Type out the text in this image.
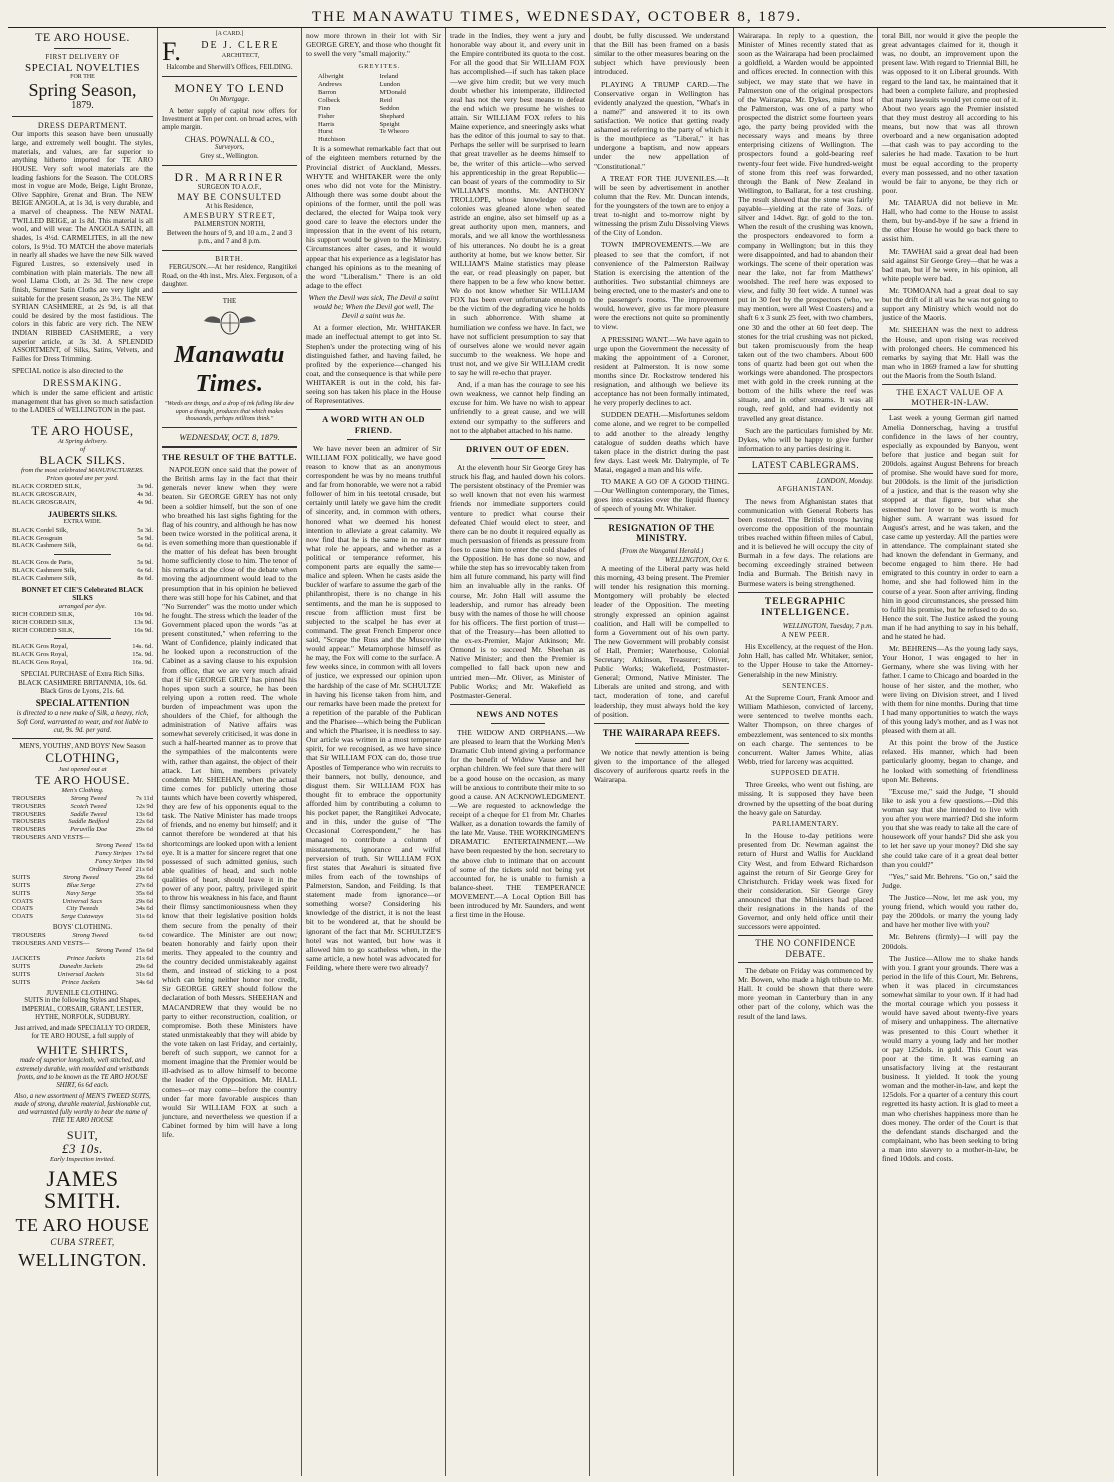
THE MANAWATU TIMES, WEDNESDAY, OCTOBER 8, 1879.
TE ARO HOUSE.
FIRST DELIVERY OF
SPECIAL NOVELTIES
FOR THE
Spring Season,
1879.
DRESS DEPARTMENT.

Our imports this season have been unusually large, and extremely well bought. The styles, materials, and values, are far superior to anything hitherto imported for TE ARO HOUSE. Very soft wool materials are the leading fashions for the Season. The COLORS most in vogue are Mode, Beige, Light Bronze, Olive Sapphire, Grenat and Bran. The NEW BEIGE ANGOLA, at 1s 3d, is very durable, and a marvel of cheapness. The NEW NATAL TWILLED BEIGE, at 1s 8d. This material is all wool, and will wear. The ANGOLA SATIN, all shades, 1s 4½d. CARMELITES, in all the new colors, 1s 9½d. TO MATCH the above materials in nearly all shades we have the new Silk waved Figured Lustres, so extensively used in combination with plain materials. The new all wool Llama Cloth, at 2s 3d. The new crepe finish, Summer Satin Cloths are very light and suitable for the present season, 2s 3½. The NEW SYRIAN CASHMERE, at 2s 9d, is all that could be desired by the most fastidious. The colors in this fabric are very rich. The NEW INDIAN RIBBED CASHMERE, a very superior article, at 3s 3d. A SPLENDID ASSORTMENT, of Silks, Satins, Velvets, and Failles for Dress Trimming.

SPECIAL notice is also directed to the

DRESSMAKING.

which is under the same efficient and artistic management that has given so much satisfaction to the LADIES of WELLINGTON in the past.

TE ARO HOUSE,
At Spring delivery.
of
BLACK SILKS.
from the most celebrated MANUFACTURERS. Prices quoted are per yard.
BLACK CORDED SILK,	3s 9d.
BLACK GROSGRAIN,	4s 3d.
BLACK GROSGRAIN,	4s 9d.
JAUBERTS SILKS.
EXTRA WIDE.
BLACK Cordel Silk,	5s 3d.
BLACK Grosgrain	5s 9d.
BLACK Cashmere Silk,	6s 6d.
BLACK Gros de Paris,	5s 9d.
BLACK Cashmere Silk,	6s 6d.
BLACK Cashmere Silk,	8s 6d.
BONNET ET CIE'S Celebrated BLACK SILKS
arranged per dye.
RICH CORDED SILK,	10s 9d.
RICH CORDED SILK,	13s 9d.
RICH CORDED SILK,	16s 9d.
BLACK Gros Royal,	14s. 6d.
BLACK Gros Royal,	15s. 9d.
BLACK Gros Royal,	16s. 9d.

SPECIAL PURCHASE of Extra Rich Silks. BLACK CASHMERE BRITANNIA, 10s. 6d. Black Gros de Lyons, 21s. 6d.

SPECIAL ATTENTION

is directed to a new make of Silk, a heavy, rich, Soft Cord, warranted to wear, and not liable to cut, 9s. 9d. per yard.

MEN'S, YOUTHS', AND BOYS' New Season
CLOTHING,
Just opened out at
TE ARO HOUSE.
Men's Clothing.
TROUSERS	Strong Tweed	7s 11d
TROUSERS	Scotch Tweed	12s 9d
TROUSERS	Saddle Tweed	13s 6d
TROUSERS	Saddle Bedford	22s 6d
TROUSERS	Peruvilla Doe	29s 6d
TROUSERS AND VESTS—
Strong Tweed 15s 6d
Fancy Stripes 17s 6d
Fancy Stripes 18s 9d
Ordinary Tweed 21s 6d
SUITS	Strong Tweed	29s 6d
SUITS	Blue Serge	27s 6d
SUITS	Navy Serge	35s 6d
COATS	Universal Sacs	29s 6d
COATS	City Tweeds	34s 6d
COATS	Serge Cutaways	31s 6d
BOYS' CLOTHING.
TROUSERS	Strong Tweed	6s 6d
TROUSERS AND VESTS—
Strong Tweed 15s 6d
JACKETS	Prince Jackets	21s 6d
SUITS	Dunedin Jackets	29s 6d
SUITS	Universal Jackets	31s 6d
SUITS	Prince Jackets	34s 6d
JUVENILE CLOTHING.

SUITS in the following Styles and Shapes, IMPERIAL, CORSAIR, GRANT, LESTER, HYTHE, NORFOLK, SUDBURY.

Just arrived, and made SPECIALLY TO ORDER, for TE ARO HOUSE, a full supply of

WHITE SHIRTS,

made of superior longcloth, well stitched, and extremely durable, with moulded and wristbands fronts, and to be known as the TE ARO HOUSE SHIRT, 6s 6d each.

Also, a new assortment of MEN'S TWEED SUITS, made of strong, durable material, fashionable cut, and warranted fully worthy to bear the name of THE TE ARO HOUSE

SUIT,
£3 10s.
Early Inspection invited.
JAMES SMITH.
TE ARO HOUSE
CUBA STREET,
WELLINGTON.
[A CARD.]
F.	DE J. CLERE
ARCHITECT,
Halcombe and Sherwill's Offices, FEILDING.
MONEY TO LEND
On Mortgage.

A better supply of capital now offers for Investment at Ten per cent. on broad acres, with ample margin.

CHAS. POWNALL & CO.,
Surveyors,
Grey st., Wellington.
DR. MARRINER
SURGEON TO A.O.F.,
MAY BE CONSULTED
At his Residence,
AMESBURY STREET,
PALMERSTON NORTH,

Between the hours of 9, and 10 a.m., 2 and 3 p.m., and 7 and 8 p.m.

BIRTH.

FERGUSON.—At her residence, Rangitikei Road, on the 4th inst., Mrs. Alex. Ferguson, of a daughter.

THE
Manawatu Times.
"Words are things, and a drop of ink falling like dew upon a thought, produces that which makes thousands, perhaps millions think."
WEDNESDAY, OCT. 8, 1879.
THE RESULT OF THE BATTLE.

NAPOLEON once said that the power of the British arms lay in the fact that their generals never knew when they were beaten. Sir GEORGE GREY has not only been a soldier himself, but the son of one who breathed his last sighs fighting for the flag of his country, and although he has now been twice worsted in the political arena, it is even something more than questionable if the matter of his defeat has been brought home sufficiently close to him. The tenor of his remarks at the close of the debate when moving the adjournment would lead to the presumption that in his opinion he believed there was still hope for his Cabinet, and that "No Surrender" was the motto under which he fought. The stress which the leader of the Government placed upon the words "as at present constituted," when referring to the Want of Confidence, plainly indicated that he looked upon a reconstruction of the Cabinet as a saving clause to his expulsion from office, that we are very much afraid that if Sir GEORGE GREY has pinned his hopes upon such a source, he has been relying upon a rotten reed. The whole burden of impeachment was upon the shoulders of the Chief, for although the administration of Native affairs was somewhat severely criticised, it was done in such a half-hearted manner as to prove that the sympathies of the malcontents were with, rather than against, the object of their attack. Let him, members privately condemn Mr. SHEEHAN, when the actual time comes for publicly uttering those taunts which have been covertly whispered, they are few of his opponents equal to the task. The Native Minister has made troops of friends, and no enemy but himself; and it cannot therefore be wondered at that his shortcomings are looked upon with a lenient eye. It is a matter for sincere regret that one possessed of such admitted genius, such able qualities of head, and such noble qualities of heart, should leave it in the power of any poor, paltry, privileged spirit to throw his weakness in his face, and flaunt their flimsy sanctimoniousness when they know that their legislative position holds them secure from the penalty of their cowardice. The Minister are out now; beaten honorably and fairly upon their merits. They appealed to the country and the country decided unmistakeably against them, and instead of sticking to a post which can bring neither honor nor credit, Sir GEORGE GREY should follow the declaration of both Messrs. SHEEHAN and MACANDREW that they would be no party to either reconstruction, coalition, or compromise. Both these Ministers have stated unmistakeably that they will abide by the vote taken on last Friday, and certainly, bereft of such support, we cannot for a moment imagine that the Premier would be ill-advised as to allow himself to become the leader of the Opposition. Mr. HALL comes—or may come—before the country under far more favorable auspices than would Sir WILLIAM FOX at such a juncture, and nevertheless we question if a Cabinet formed by him will have a long life.

now more thrown in their lot with Sir GEORGE GREY, and those who thought fit to swell the very "small majority."

GREYITES.
Allwright	Ireland
Andrews	Lundon
Barron	M'Donald
Colbeck	Reid
Finn	Seddon
Fisher	Shephard
Harris	Speight
Hurst	Te Wheoro
Hutchison

It is a somewhat remarkable fact that out of the eighteen members returned by the Provincial district of Auckland, Messrs. WHYTE and WHITAKER were the only ones who did not vote for the Ministry. Although there was some doubt about the opinions of the former, until the poll was declared, the elected for Waipa took very good care to leave the electors under the impression that in the event of his return, his support would be given to the Ministry. Circumstances alter cases, and it would appear that his experience as a legislator has changed his opinions as to the meaning of the word "Liberalism." There is an old adage to the effect

When the Devil was sick, The Devil a saint would be; When the Devil got well, The Devil a saint was he.

At a former election, Mr. WHITAKER made an ineffectual attempt to get into St. Stephen's under the protecting wing of his distinguished father, and having failed, he profited by the experience—changed his coat, and the consequence is that while pere WHITAKER is out in the cold, his far-seeing son has taken his place in the House of Representatives.

A WORD WITH AN OLD FRIEND.

We have never been an admirer of Sir WILLIAM FOX politically, we have good reason to know that as an anonymous correspondent he was by no means truthful and far from honorable, we were not a rabid follower of him in his teetotal crusade, but certainly until lately we gave him the credit of sincerity, and, in common with others, honored what we deemed his honest intention to alleviate a great calamity. We now find that he is the same in no matter what role he appears, and whether as a political or temperance reformer, his component parts are equally the same—malice and spleen. When he casts aside the buckler of warfare to assume the garb of the philanthropist, there is no change in his sentiments, and the man he is supposed to rescue from affliction must first be subjected to the scalpel he has ever at command. The great French Emperor once said, "Scrape the Russ and the Muscovite would appear." Metamorphose himself as he may, the Fox will come to the surface. A few weeks since, in common with all lovers of justice, we expressed our opinion upon the hardship of the case of Mr. SCHULTZE in having his license taken from him, and our remarks have been made the pretext for a repetition of the parable of the Publican and the Pharisee—which being the Publican and which the Pharisee, it is needless to say. Our article was written in a most temperate spirit, for we recognised, as we have since that Sir WILLIAM FOX can do, those true Apostles of Temperance who win recruits to their banners, not bully, denounce, and disgust them. Sir WILLIAM FOX has thought fit to embrace the opportunity afforded him by contributing a column to his pocket paper, the Rangitikei Advocate, and in this, under the guise of "The Occasional Correspondent," he has managed to contribute a column of misstatements, ignorance and wilful perversion of truth. Sir WILLIAM FOX first states that Awahuri is situated five miles from each of the townships of Palmerston, Sandon, and Feilding. Is that statement made from ignorance—or something worse? Considering his knowledge of the district, it is not the least bit to be wondered at, that he should be ignorant of the fact that Mr. SCHULTZE'S hotel was not wanted, but how was it allowed him to go scatheless when, in the same article, a new hotel was advocated for Feilding, where there were two already?

trade in the Indies, they went a jury and honorable way about it, and every unit in the Empire contributed its quota to the cost. For all the good that Sir WILLIAM FOX has accomplished—if such has taken place—we give him credit; but we very much doubt whether his intemperate, illdirected zeal has not the very best means to defeat the end which we presume he wishes to attain. Sir WILLIAM FOX refers to his Maine experience, and sneeringly asks what has the editor of this journal to say to that. Perhaps the seller will be surprised to learn that great traveller as he deems himself to be, the writer of this article—who served his apprenticeship in the great Republic—can boast of years of the commodity to Sir WILLIAM'S months. Mr. ANTHONY TROLLOPE, whose knowledge of the colonies was gleaned alone when seated astride an engine, also set himself up as a great authority upon men, manners, and morals, and we all know the worthlessness of his utterances. No doubt he is a great authority at home, but we know better. Sir WILLIAM'S Maine statistics may please the ear, or read pleasingly on paper, but there happen to be a few who know better. We do not know whether Sir WILLIAM FOX has been ever unfortunate enough to be the victim of the degrading vice he holds in such abhorrence. With shame at humiliation we confess we have. In fact, we have not sufficient presumption to say that of ourselves alone we would never again succumb to the weakness. We hope and trust not, and we give Sir WILLIAM credit to say he will re-echo that prayer.

And, if a man has the courage to see his own weakness, we cannot help finding an excuse for him. We have no wish to appear unfriendly to a great cause, and we will extend our sympathy to the sufferers and not to the alphabet attached to his name.

DRIVEN OUT OF EDEN.

At the eleventh hour Sir George Grey has struck his flag, and hauled down his colors. The persistent obstinacy of the Premier was so well known that not even his warmest friends nor immediate supporters could venture to predict what course their defeated Chief would elect to steer, and there can be no doubt it required equally as much persuasion of friends as pressure from foes to cause him to enter the cold shades of the Opposition. He has done so now, and while the step has so irrevocably taken from him all future command, his party will find him an invaluable ally in the ranks. Of course, Mr. John Hall will assume the leadership, and rumor has already been busy with the names of those he will choose for his officers. The first portion of trust—that of the Treasury—has been allotted to the ex-ex-Premier, Major Atkinson; Mr. Ormond is to succeed Mr. Sheehan as Native Minister; and then the Premier is compelled to fall back upon new and untried men—Mr. Oliver, as Minister of Public Works; and Mr. Wakefield as Postmaster-General.

NEWS AND NOTES

THE WIDOW AND ORPHANS.—We are pleased to learn that the Working Men's Dramatic Club intend giving a performance for the benefit of Widow Vause and her orphan children. We feel sure that there will be a good house on the occasion, as many will be anxious to contribute their mite to so good a cause. AN ACKNOWLEDGMENT.—We are requested to acknowledge the receipt of a cheque for £1 from Mr. Charles Walker, as a donation towards the family of the late Mr. Vause. THE WORKINGMEN'S DRAMATIC ENTERTAINMENT.—We have been requested by the hon. secretary to the above club to intimate that on account of some of the tickets sold not being yet accounted for, he is unable to furnish a balance-sheet. THE TEMPERANCE MOVEMENT.—A Local Option Bill has been introduced by Mr. Saunders, and went a first time in the House.

doubt, be fully discussed. We understand that the Bill has been framed on a basis similar to the other measures bearing on the subject which have previously been introduced.

PLAYING A TRUMP CARD.—The Conservative organ in Wellington has evidently analyzed the question, "What's in a name?" and answered it to its own satisfaction. We notice that getting ready ashamed as referring to the party of which it is the mouthpiece as "Liberal," it has undergone a baptism, and now appears under the new appellation of "Constitutional."

A TREAT FOR THE JUVENILES.—It will be seen by advertisement in another column that the Rev. Mr. Duncan intends, for the youngsters of the town are to enjoy a treat to-night and to-morrow night by witnessing the prism Zulu Dissolving Views of the City of London.

TOWN IMPROVEMENTS.—We are pleased to see that the comfort, if not convenience of the Palmerston Railway Station is exercising the attention of the authorities. Two substantial chimneys are being erected, one to the master's and one to the passenger's rooms. The improvement would, however, give us far more pleasure were the erections not quite so prominently to view.

A PRESSING WANT.—We have again to urge upon the Government the necessity of making the appointment of a Coroner, resident at Palmerston. It is now some months since Dr. Rockstrow tendered his resignation, and although we believe its acceptance has not been formally intimated, he very properly declines to act.

SUDDEN DEATH.—Misfortunes seldom come alone, and we regret to be compelled to add another to the already lengthy catalogue of sudden deaths which have taken place in the district during the past few days. Last week Mr. Dalrymple, of Te Matai, engaged a man and his wife.

TO MAKE A GO OF A GOOD THING.—Our Wellington contemporary, the Times, goes into ecstasies over the liquid fluency of speech of young Mr. Whitaker.

RESIGNATION OF THE MINISTRY.
(From the Wanganui Herald.)
WELLINGTON, Oct 6.

A meeting of the Liberal party was held this morning, 43 being present. The Premier will tender his resignation this morning. Montgomery will probably be elected leader of the Opposition. The meeting strongly expressed an opinion against coalition, and Hall will be compelled to form a Government out of his own party. The new Government will probably consist of Hall, Premier; Waterhouse, Colonial Secretary; Atkinson, Treasurer; Oliver, Public Works; Wakefield, Postmaster-General; Ormond, Native Minister. The Liberals are united and strong, and with tact, moderation of tone, and careful leadership, they must always hold the key of position.

THE WAIRARAPA REEFS.

We notice that newly attention is being given to the importance of the alleged discovery of auriferous quartz reefs in the Wairarapa.

Wairarapa. In reply to a question, the Minister of Mines recently stated that as soon as the Wairarapa had been proclaimed a goldfield, a Warden would be appointed and offices erected. In connection with this subject, we may state that we have in Palmerston one of the original prospectors of the Wairarapa. Mr. Dykes, mine host of the Palmerston, was one of a party who prospected the district some fourteen years ago, the party being provided with the necessary ways and means by three enterprising citizens of Wellington. The prospectors found a gold-bearing reef twenty-four feet wide. Five hundred-weight of stone from this reef was forwarded, through the Bank of New Zealand in Wellington, to Ballarat, for a test crushing. The result showed that the stone was fairly payable—yielding at the rate of 3ozs. of silver and 14dwt. 8gr. of gold to the ton. When the result of the crushing was known, the prospectors endeavored to form a company in Wellington; but in this they were disappointed, and had to abandon their workings. The scene of their operation was near the lake, not far from Matthews' woolshed. The reef here was exposed to view, and fully 30 feet wide. A tunnel was put in 30 feet by the prospectors (who, we may mention, were all West Coasters) and a shaft 6 x 3 sunk 25 feet, with two chambers, one 30 and the other at 60 feet deep. The stones for the trial crushing was not picked, but taken promiscuously from the heap taken out of the two chambers. About 600 tons of quartz had been got out when the workings were abandoned. The prospectors met with gold in the creek running at the bottom of the hills where the reef was situate, and in other streams. It was all rough, reef gold, and had evidently not travelled any great distance.

Such are the particulars furnished by Mr. Dykes, who will be happy to give further information to any parties desiring it.

LATEST CABLEGRAMS.
LONDON, Monday.
AFGHANISTAN.

The news from Afghanistan states that communication with General Roberts has been restored. The British troops having overcome the opposition of the mountain tribes reached within fifteen miles of Cabul, and it is believed he will occupy the city of Burmah in a few days. The relations are becoming exceedingly strained between India and Burmah. The British navy in Burmese waters is being strengthened.

TELEGRAPHIC INTELLIGENCE.
WELLINGTON, Tuesday, 7 p.m.
A NEW PEER.

His Excellency, at the request of the Hon. John Hall, has called Mr. Whitaker, senior, to the Upper House to take the Attorney-Generalship in the new Ministry.

SENTENCES.

At the Supreme Court, Frank Amoor and William Mathieson, convicted of larceny, were sentenced to twelve months each. Walter Thompson, on three charges of embezzlement, was sentenced to six months on each charge. The sentences to be concurrent. Walter James White, alias Webb, tried for larceny was acquitted.

SUPPOSED DEATH.

Three Greeks, who went out fishing, are missing. It is supposed they have been drowned by the upsetting of the boat during the heavy gale on Saturday.

PARLIAMENTARY.

In the House to-day petitions were presented from Dr. Newman against the return of Hurst and Wallis for Auckland City West, and from Edward Richardson against the return of Sir George Grey for Christchurch. Friday week was fixed for their consideration. Sir George Grey announced that the Ministers had placed their resignations in the hands of the Governor, and only held office until their successors were appointed.

THE NO CONFIDENCE DEBATE.

The debate on Friday was commenced by Mr. Bowen, who made a high tribute to Mr. Hall. It could be shown that there were more yeoman in Canterbury than in any other part of the colony, which was the result of the land laws.

toral Bill, nor would it give the people the great advantages claimed for it, though it was, no doubt, an improvement upon the present law. With regard to Triennial Bill, he was opposed to it on Liberal grounds. With regard to the land tax, he maintained that it had been a complete failure, and prophesied that many lawsuits would yet come out of it. About two years ago the Premier insisted that they must destroy all according to his means, but now that was all thrown overboard and a new organisation adopted—that cash was to pay according to the saleries he had made. Taxation to be hurt must be equal according to the property every man possessed, and no other taxation would be fair to anyone, be they rich or poor.

Mr. TAIARUA did not believe in Mr. Hall, who had come to the House to assist them, but by-and-bye if he saw a friend in the other House he would go back there to assist him.

Mr. TAWHAI said a great deal had been said against Sir George Grey—that he was a bad man, but if he were, in his opinion, all white people were bad.

Mr. TOMOANA had a great deal to say but the drift of it all was he was not going to support any Ministry which would not do justice of the Maoris.

Mr. SHEEHAN was the next to address the House, and upon rising was received with prolonged cheers. He commenced his remarks by saying that Mr. Hall was the man who in 1869 framed a law for shutting out the Maoris from the South Island.

THE EXACT VALUE OF A MOTHER-IN-LAW.

Last week a young German girl named Amelia Donnerschag, having a trustful confidence in the laws of her country, especially as expounded by Banyou, went before that justice and began suit for 200dols. against August Behrens for breach of promise. She would have sued for more, but 200dols. is the limit of the jurisdiction of a justice, and that is the reason why she stopped at that figure, but what she esteemed her lover to be worth is much higher sum. A warrant was issued for August's arrest, and he was taken, and the case came up yesterday. All the parties were in attendance. The complainant stated she had known the defendant in Germany, and become engaged to him there. He had emigrated to this country in order to earn a home, and she had followed him in the course of a year. Soon after arriving, finding him in good circumstances, she pressed him to fulfil his promise, but he refused to do so. Hence the suit. The Justice asked the young man if he had anything to say in his behalf, and he stated he had.

Mr. BEHRENS—As the young lady says, Your Honor, I was engaged to her in Germany, where she was living with her father. I came to Chicago and boarded in the house of her sister, and the mother, who were living on Division street, and I lived with them for nine months. During that time I had many opportunities to watch the ways of this young lady's mother, and as I was not pleased with them at all.

At this point the brow of the Justice relaxed. His manner, which had been particularly gloomy, began to change, and he looked with something of friendliness upon Mr. Behrens.

"Excuse me," said the Judge, "I should like to ask you a few questions.—Did this woman say that she intended to live with you after you were married? Did she inform you that she was ready to take all the care of housework off your hands? Did she ask you to let her save up your money? Did she say she could take care of it a great deal better than you could?"

"Yes," said Mr. Behrens. "Go on," said the Judge.

The Justice—Now, let me ask you, my young friend, which would you rather do, pay the 200dols. or marry the young lady and have her mother live with you?

Mr. Behrens (firmly)—I will pay the 200dols.

The Justice—Allow me to shake hands with you. I grant your grounds. There was a period in the life of this Court, Mr. Behrens, when it was placed in circumstances somewhat similar to your own. If it had had the mortal courage which you possess it would have saved about twenty-five years of misery and unhappiness. The alternative was presented to this Court whether it would marry a young lady and her mother or pay 125dols. in gold. This Court was poor at the time. It was earning an unsatisfactory living at the restaurant business. It yielded. It took the young woman and the mother-in-law, and kept the 125dols. For a quarter of a century this court regretted its hasty action. It is glad to meet a man who cherishes happiness more than he does money. The order of the Court is that the defendant stands discharged and the complainant, who has been seeking to bring a man into slavery to a mother-in-law, be fined 10dols. and costs.
